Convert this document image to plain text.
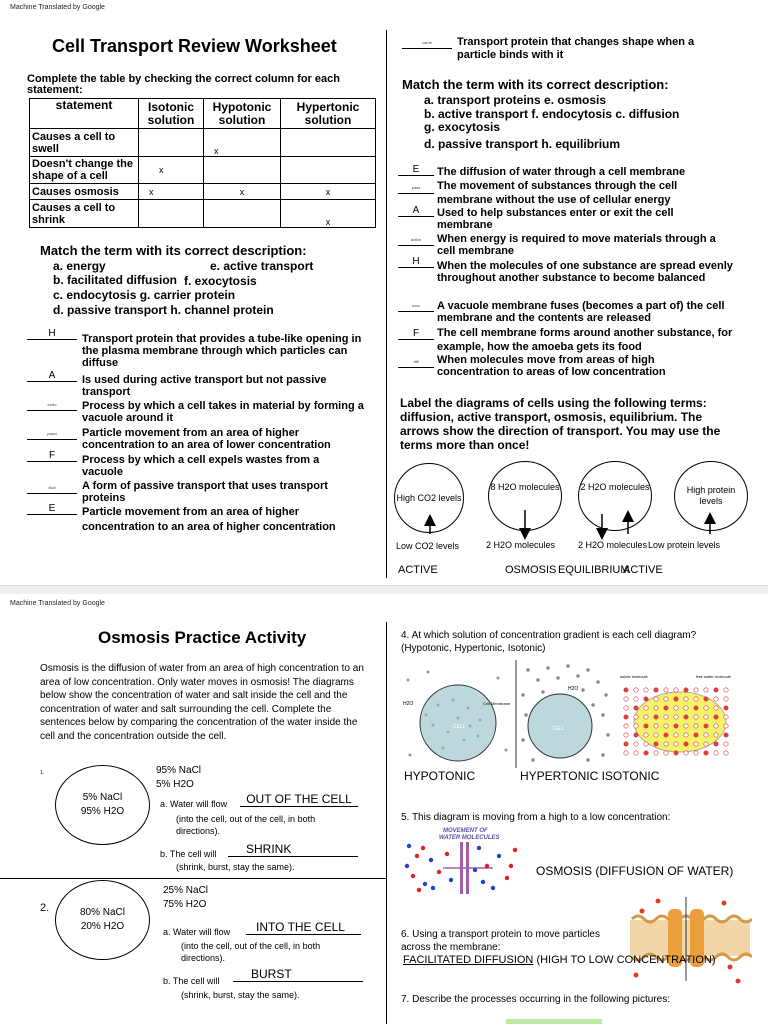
Machine Translated by Google
Cell Transport Review Worksheet
Complete the table by checking the correct column for each statement:
statement	Isotonic solution	Hypotonic solution	Hypertonic solution
Causes a cell to swell		x	
Doesn't change the shape of a cell	x		
Causes osmosis	x	x	x
Causes a cell to shrink			x
Match the term with its correct description:
a. energy	e. active transport
b. facilitated diffusion f. exocytosis
c. endocytosis g. carrier protein
d. passive transport h. channel protein
H	Transport protein that provides a tube-like opening in the plasma membrane through which particles can diffuse
A	Is used during active transport but not passive transport
endo	Process by which a cell takes in material by forming a vacuole around it
passi	Particle movement from an area of higher concentration to an area of lower concentration
F	Process by which a cell expels wastes from a vacuole
facil	A form of passive transport that uses transport proteins
E	Particle movement from an area of higher concentration to an area of higher concentration
carrie	Transport protein that changes shape when a particle binds with it
Match the term with its correct description:
a. transport proteins e. osmosis
b. active transport f. endocytosis c. diffusion
g. exocytosis
d. passive transport h. equilibrium
E	The diffusion of water through a cell membrane
pass	The movement of substances through the cell membrane without the use of cellular energy
A	Used to help substances enter or exit the cell membrane
active	When energy is required to move materials through a cell membrane
H	When the molecules of one substance are spread evenly throughout another substance to become balanced
exoc	A vacuole membrane fuses (becomes a part of) the cell membrane and the contents are released
F	The cell membrane forms around another substance, for example, how the amoeba gets its food
diff	When molecules move from areas of high concentration to areas of low concentration
Label the diagrams of cells using the following terms: diffusion, active transport, osmosis, equilibrium. The arrows show the direction of transport. You may use the terms more than once!
High CO2 levels
8 H2O molecules 2 H2O molecules	High protein levels
Low CO2 levels	2 H2O molecules	2 H2O molecules Low protein levels
ACTIVE	OSMOSIS EQUILIBRIUM
ACTIVE
Machine Translated by Google
Osmosis Practice Activity
Osmosis is the diffusion of water from an area of high concentration to an area of low concentration. Only water moves in osmosis! The diagrams below show the concentration of water and salt inside the cell and the concentration of water and salt surrounding the cell. Complete the sentences below by comparing the concentration of the water inside the cell and the concentration outside the cell.
1.
5% NaCl
95% H2O
95% NaCl
5% H2O
a. Water will flow	OUT OF THE CELL
(into the cell, out of the cell, in both directions).
b. The cell will	SHRINK
(shrink, burst, stay the same).
2.	80% NaCl
20% H2O
25% NaCl
75% H2O
a. Water will flow	INTO THE CELL
(into the cell, out of the cell, in both directions).
b. The cell will	BURST
(shrink, burst, stay the same).
4. At which solution of concentration gradient is each cell diagram? (Hypotonic, Hypertonic, Isotonic)
H2O
CELL
Cell Membrane
CELL
H2O
solute molecule	free water molecule
HYPOTONIC	HYPERTONIC ISOTONIC
5. This diagram is moving from a high to a low concentration:
MOVEMENT OF
WATER MOLECULES
OSMOSIS (DIFFUSION OF WATER)
6. Using a transport protein to move particles across the membrane:
FACILITATED DIFFUSION (HIGH TO LOW CONCENTRATION)
7. Describe the processes occurring in the following pictures:
